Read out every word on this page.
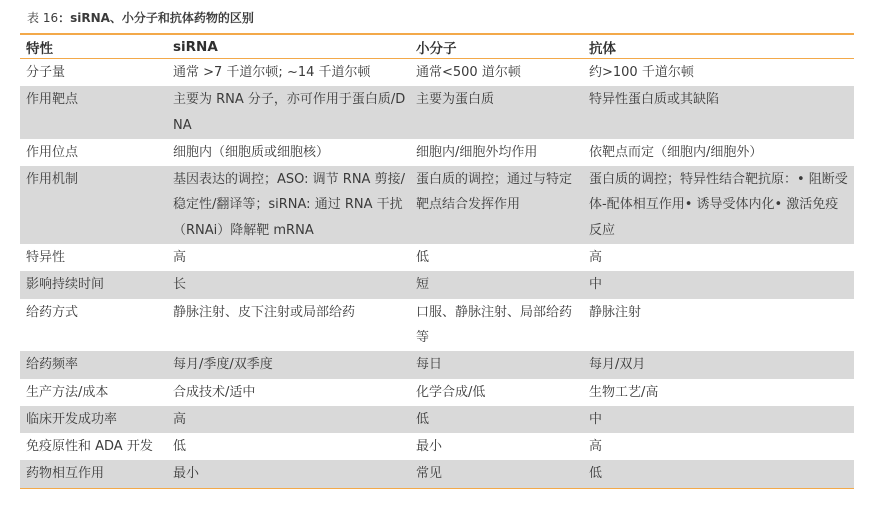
表 16：siRNA、小分子和抗体药物的区别
特性	siRNA	小分子	抗体
分子量	通常 >7 千道尔顿; ~14 千道尔顿	通常<500 道尔顿	约>100 千道尔顿
作用靶点	主要为 RNA 分子，亦可作用于蛋白质/DNA	主要为蛋白质	特异性蛋白质或其缺陷
作用位点	细胞内（细胞质或细胞核）	细胞内/细胞外均作用	依靶点而定（细胞内/细胞外）
作用机制	基因表达的调控；ASO: 调节 RNA 剪接/稳定性/翻译等；siRNA: 通过 RNA 干扰（RNAi）降解靶 mRNA	蛋白质的调控；通过与特定靶点结合发挥作用	蛋白质的调控；特异性结合靶抗原：• 阻断受体-配体相互作用• 诱导受体内化• 激活免疫反应
特异性	高	低	高
影响持续时间	长	短	中
给药方式	静脉注射、皮下注射或局部给药	口服、静脉注射、局部给药等	静脉注射
给药频率	每月/季度/双季度	每日	每月/双月
生产方法/成本	合成技术/适中	化学合成/低	生物工艺/高
临床开发成功率	高	低	中
免疫原性和 ADA 开发	低	最小	高
药物相互作用	最小	常见	低
